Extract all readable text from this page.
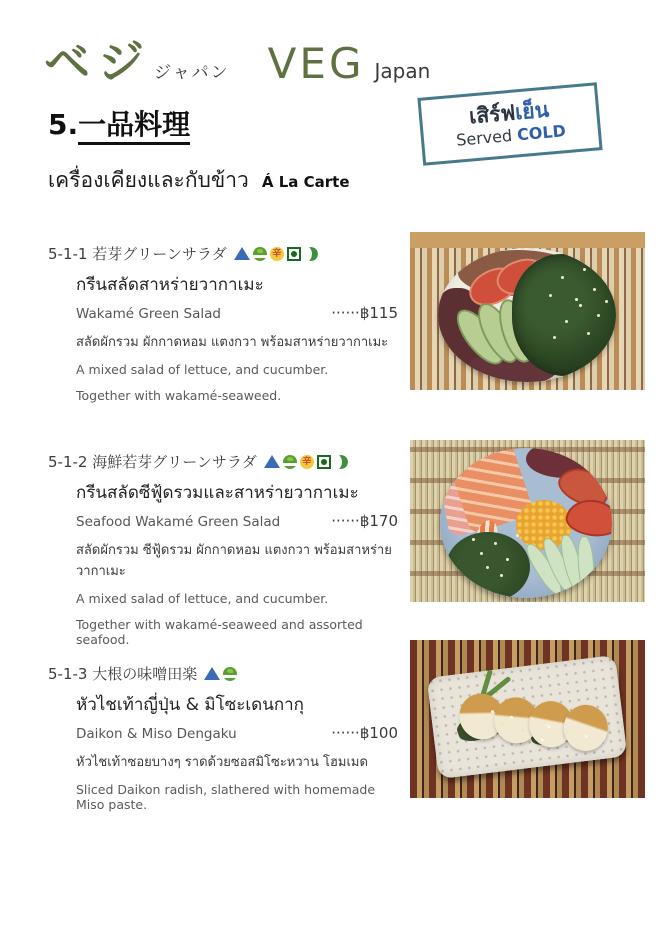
ベジ ジャパン VEG Japan
เสิร์ฟเย็น
Served COLD
5.一品料理
เครื่องเคียงและกับข้าว Á La Carte
5-1-1 若芽グリーンサラダ
辛
กรีนสลัดสาหร่ายวากาเมะ
Wakamé Green Salad	······฿115
สลัดผักรวม ผักกาดหอม แตงกวา พร้อมสาหร่ายวากาเมะ
A mixed salad of lettuce, and cucumber.
Together with wakamé-seaweed.
5-1-2 海鮮若芽グリーンサラダ
辛
กรีนสลัดซีฟู้ดรวมและสาหร่ายวากาเมะ
Seafood Wakamé Green Salad	······฿170
สลัดผักรวม ซีฟู้ดรวม ผักกาดหอม แตงกวา พร้อมสาหร่ายวากาเมะ
A mixed salad of lettuce, and cucumber.
Together with wakamé-seaweed and assorted seafood.
5-1-3 大根の味噌田楽
หัวไชเท้าญี่ปุ่น & มิโซะเดนกากุ
Daikon & Miso Dengaku	······฿100
หัวไชเท้าซอยบางๆ ราดด้วยซอสมิโซะหวาน โฮมเมด
Sliced Daikon radish, slathered with homemade Miso paste.
